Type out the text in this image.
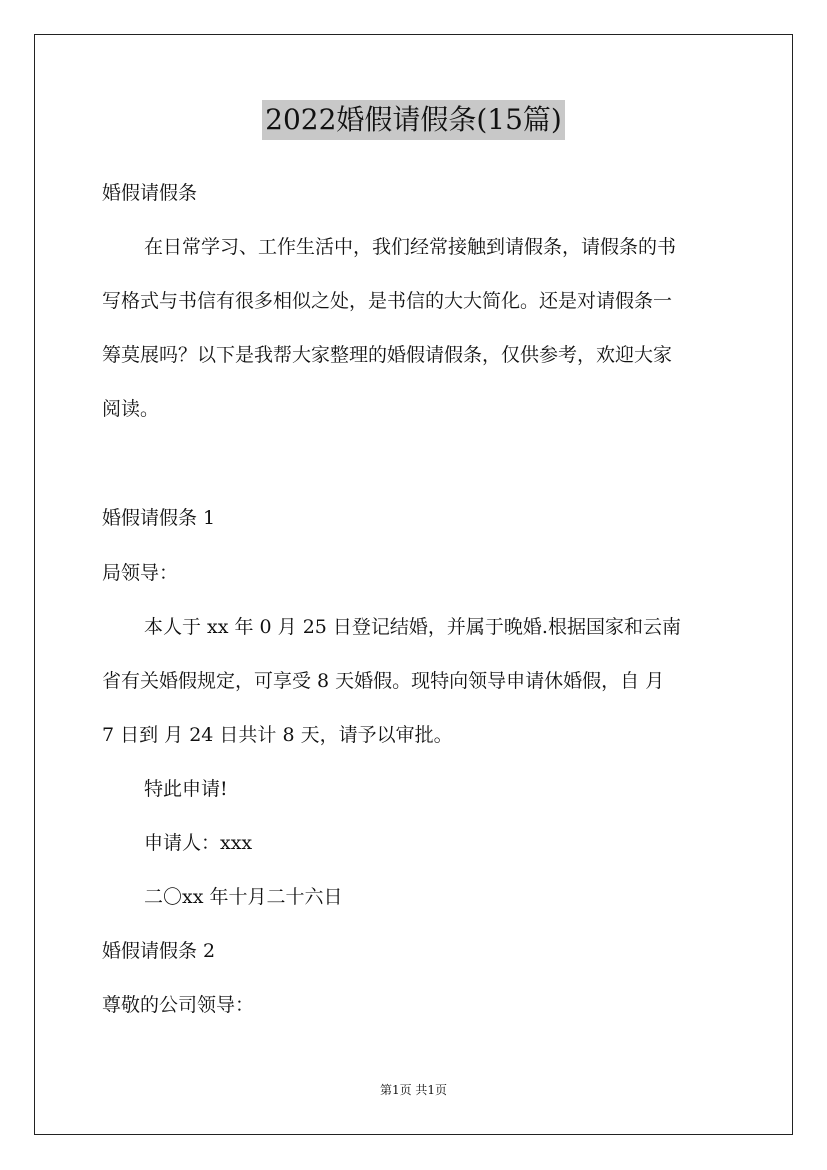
2022婚假请假条(15篇)
婚假请假条
在日常学习、工作生活中，我们经常接触到请假条，请假条的书
写格式与书信有很多相似之处，是书信的大大简化。还是对请假条一
筹莫展吗？以下是我帮大家整理的婚假请假条，仅供参考，欢迎大家
阅读。
婚假请假条 1
局领导：
本人于 xx 年 0 月 25 日登记结婚，并属于晚婚.根据国家和云南
省有关婚假规定，可享受 8 天婚假。现特向领导申请休婚假，自 月
7 日到 月 24 日共计 8 天，请予以审批。
特此申请!
申请人：xxx
二〇xx 年十月二十六日
婚假请假条 2
尊敬的公司领导：
第1页 共1页
